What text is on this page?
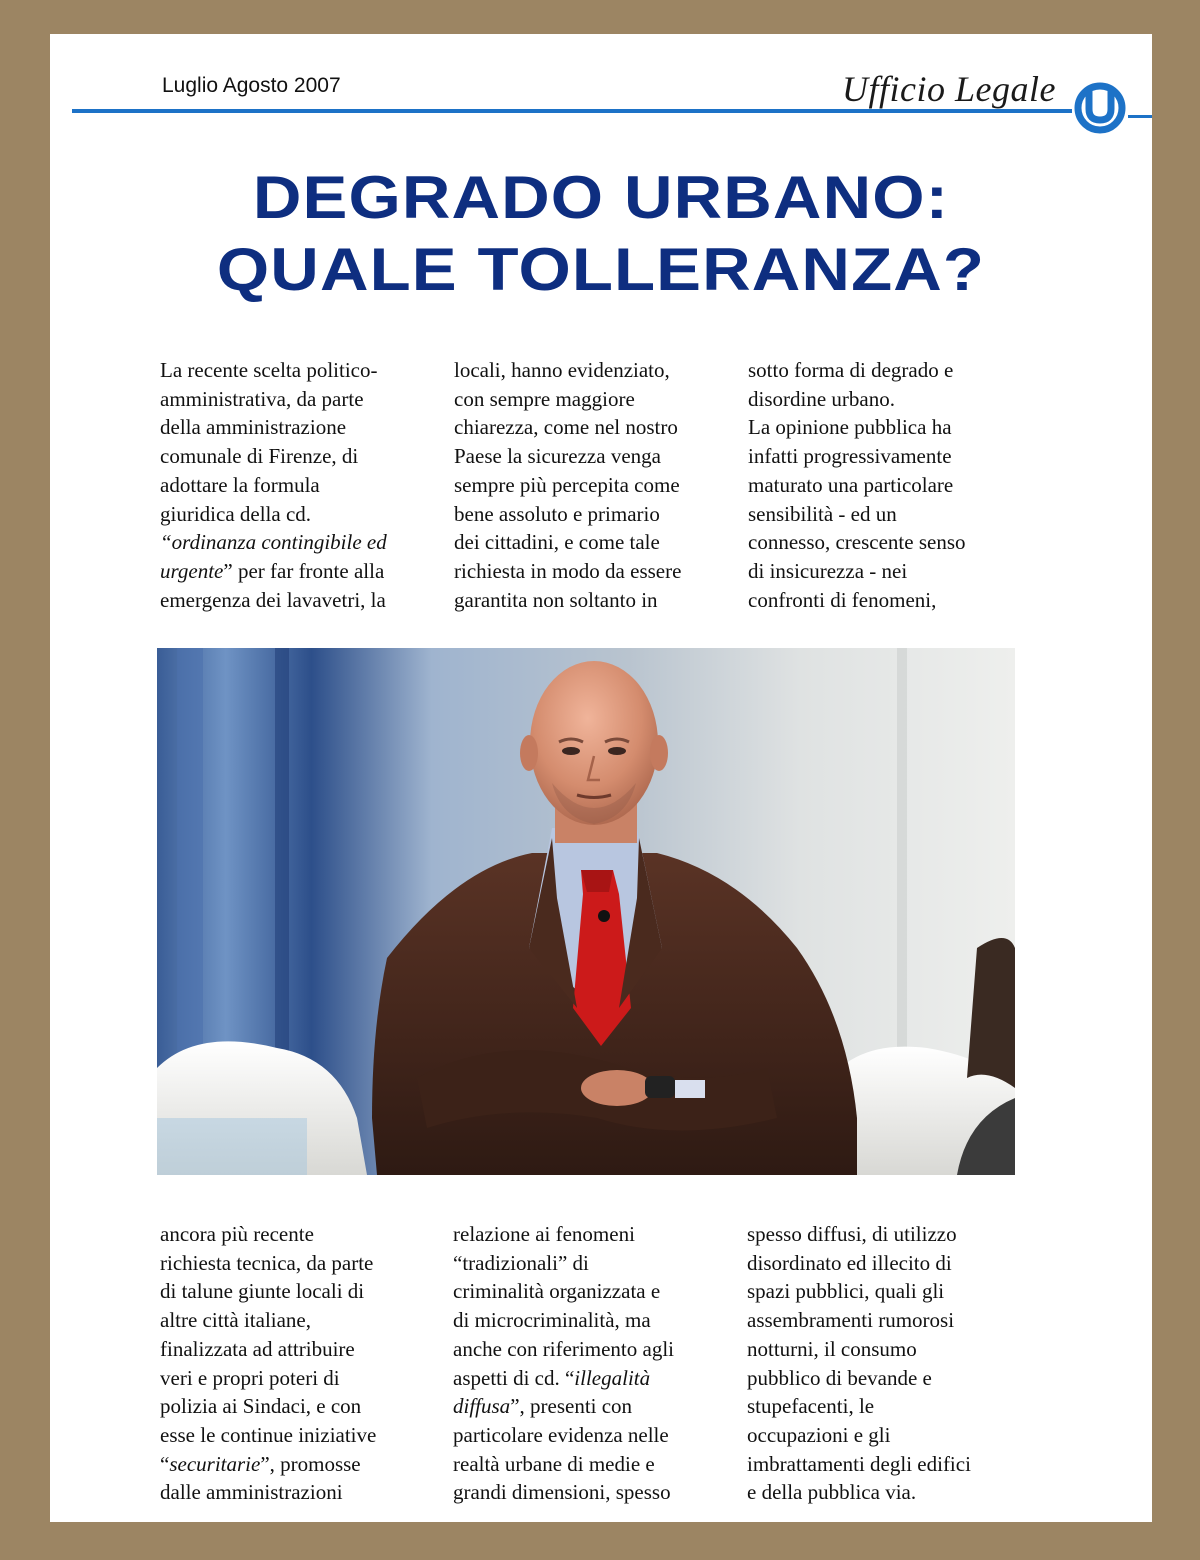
Luglio Agosto 2007	Ufficio Legale
DEGRADO URBANO:
QUALE TOLLERANZA?

La recente scelta politico-
amministrativa, da parte
della amministrazione
comunale di Firenze, di
adottare la formula
giuridica della cd.
“ordinanza contingibile ed
urgente” per far fronte alla
emergenza dei lavavetri, la

locali, hanno evidenziato,
con sempre maggiore
chiarezza, come nel nostro
Paese la sicurezza venga
sempre più percepita come
bene assoluto e primario
dei cittadini, e come tale
richiesta in modo da essere
garantita non soltanto in

sotto forma di degrado e
disordine urbano.
La opinione pubblica ha
infatti progressivamente
maturato una particolare
sensibilità - ed un
connesso, crescente senso
di insicurezza - nei
confronti di fenomeni,

ancora più recente
richiesta tecnica, da parte
di talune giunte locali di
altre città italiane,
finalizzata ad attribuire
veri e propri poteri di
polizia ai Sindaci, e con
esse le continue iniziative
“securitarie”, promosse
dalle amministrazioni

relazione ai fenomeni
“tradizionali” di
criminalità organizzata e
di microcriminalità, ma
anche con riferimento agli
aspetti di cd. “illegalità
diffusa”, presenti con
particolare evidenza nelle
realtà urbane di medie e
grandi dimensioni, spesso

spesso diffusi, di utilizzo
disordinato ed illecito di
spazi pubblici, quali gli
assembramenti rumorosi
notturni, il consumo
pubblico di bevande e
stupefacenti, le
occupazioni e gli
imbrattamenti degli edifici
e della pubblica via.
